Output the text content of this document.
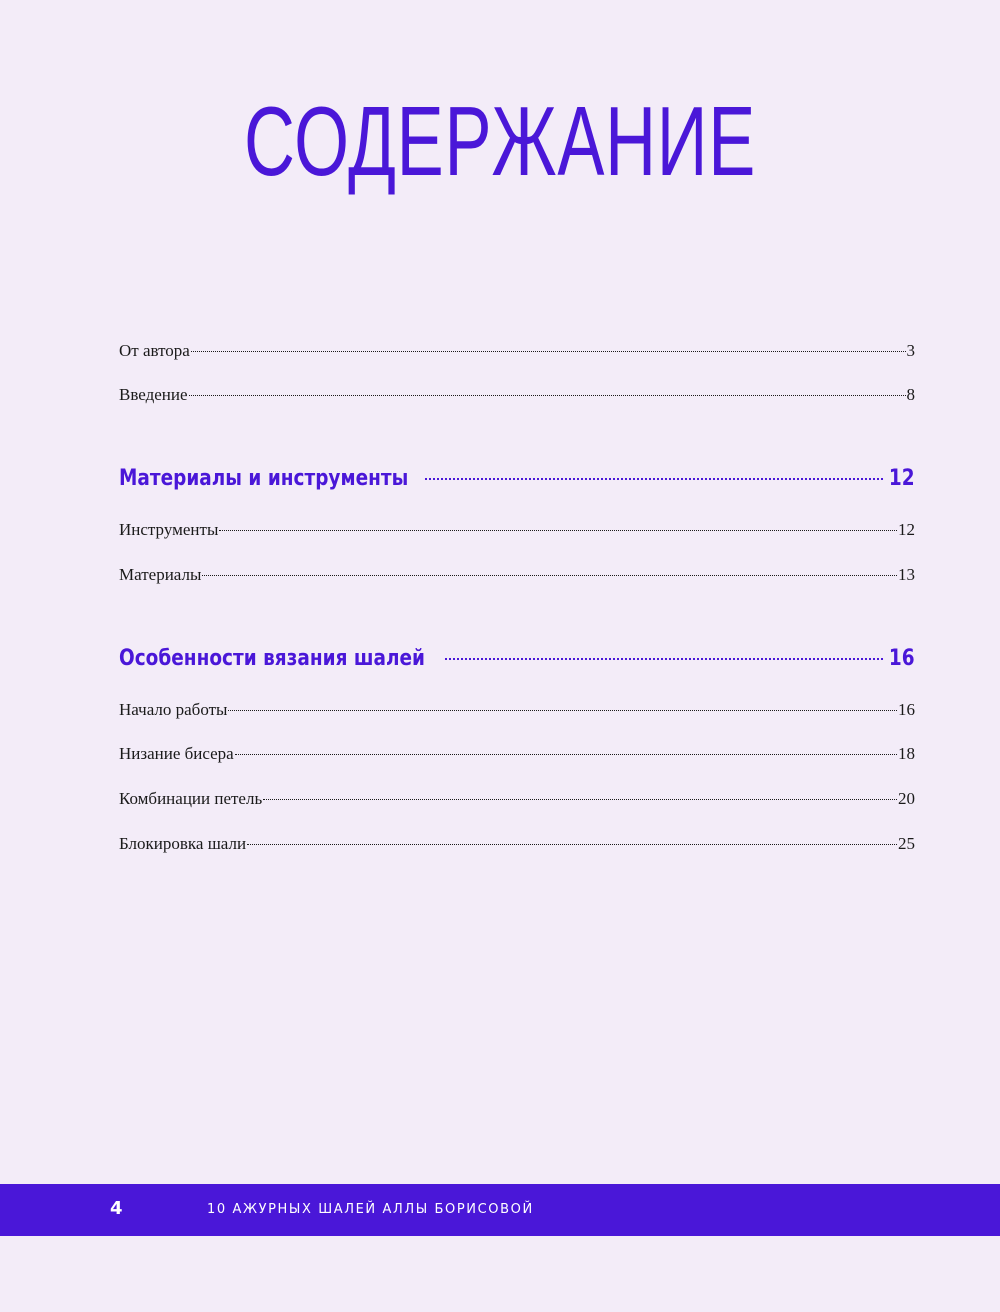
СОДЕРЖАНИЕ
От автора	3
Введение	8
Материалы и инструменты	12
Инструменты	12
Материалы	13
Особенности вязания шалей	16
Начало работы	16
Низание бисера	18
Комбинации петель	20
Блокировка шали	25
4	10 АЖУРНЫХ ШАЛЕЙ АЛЛЫ БОРИСОВОЙ
